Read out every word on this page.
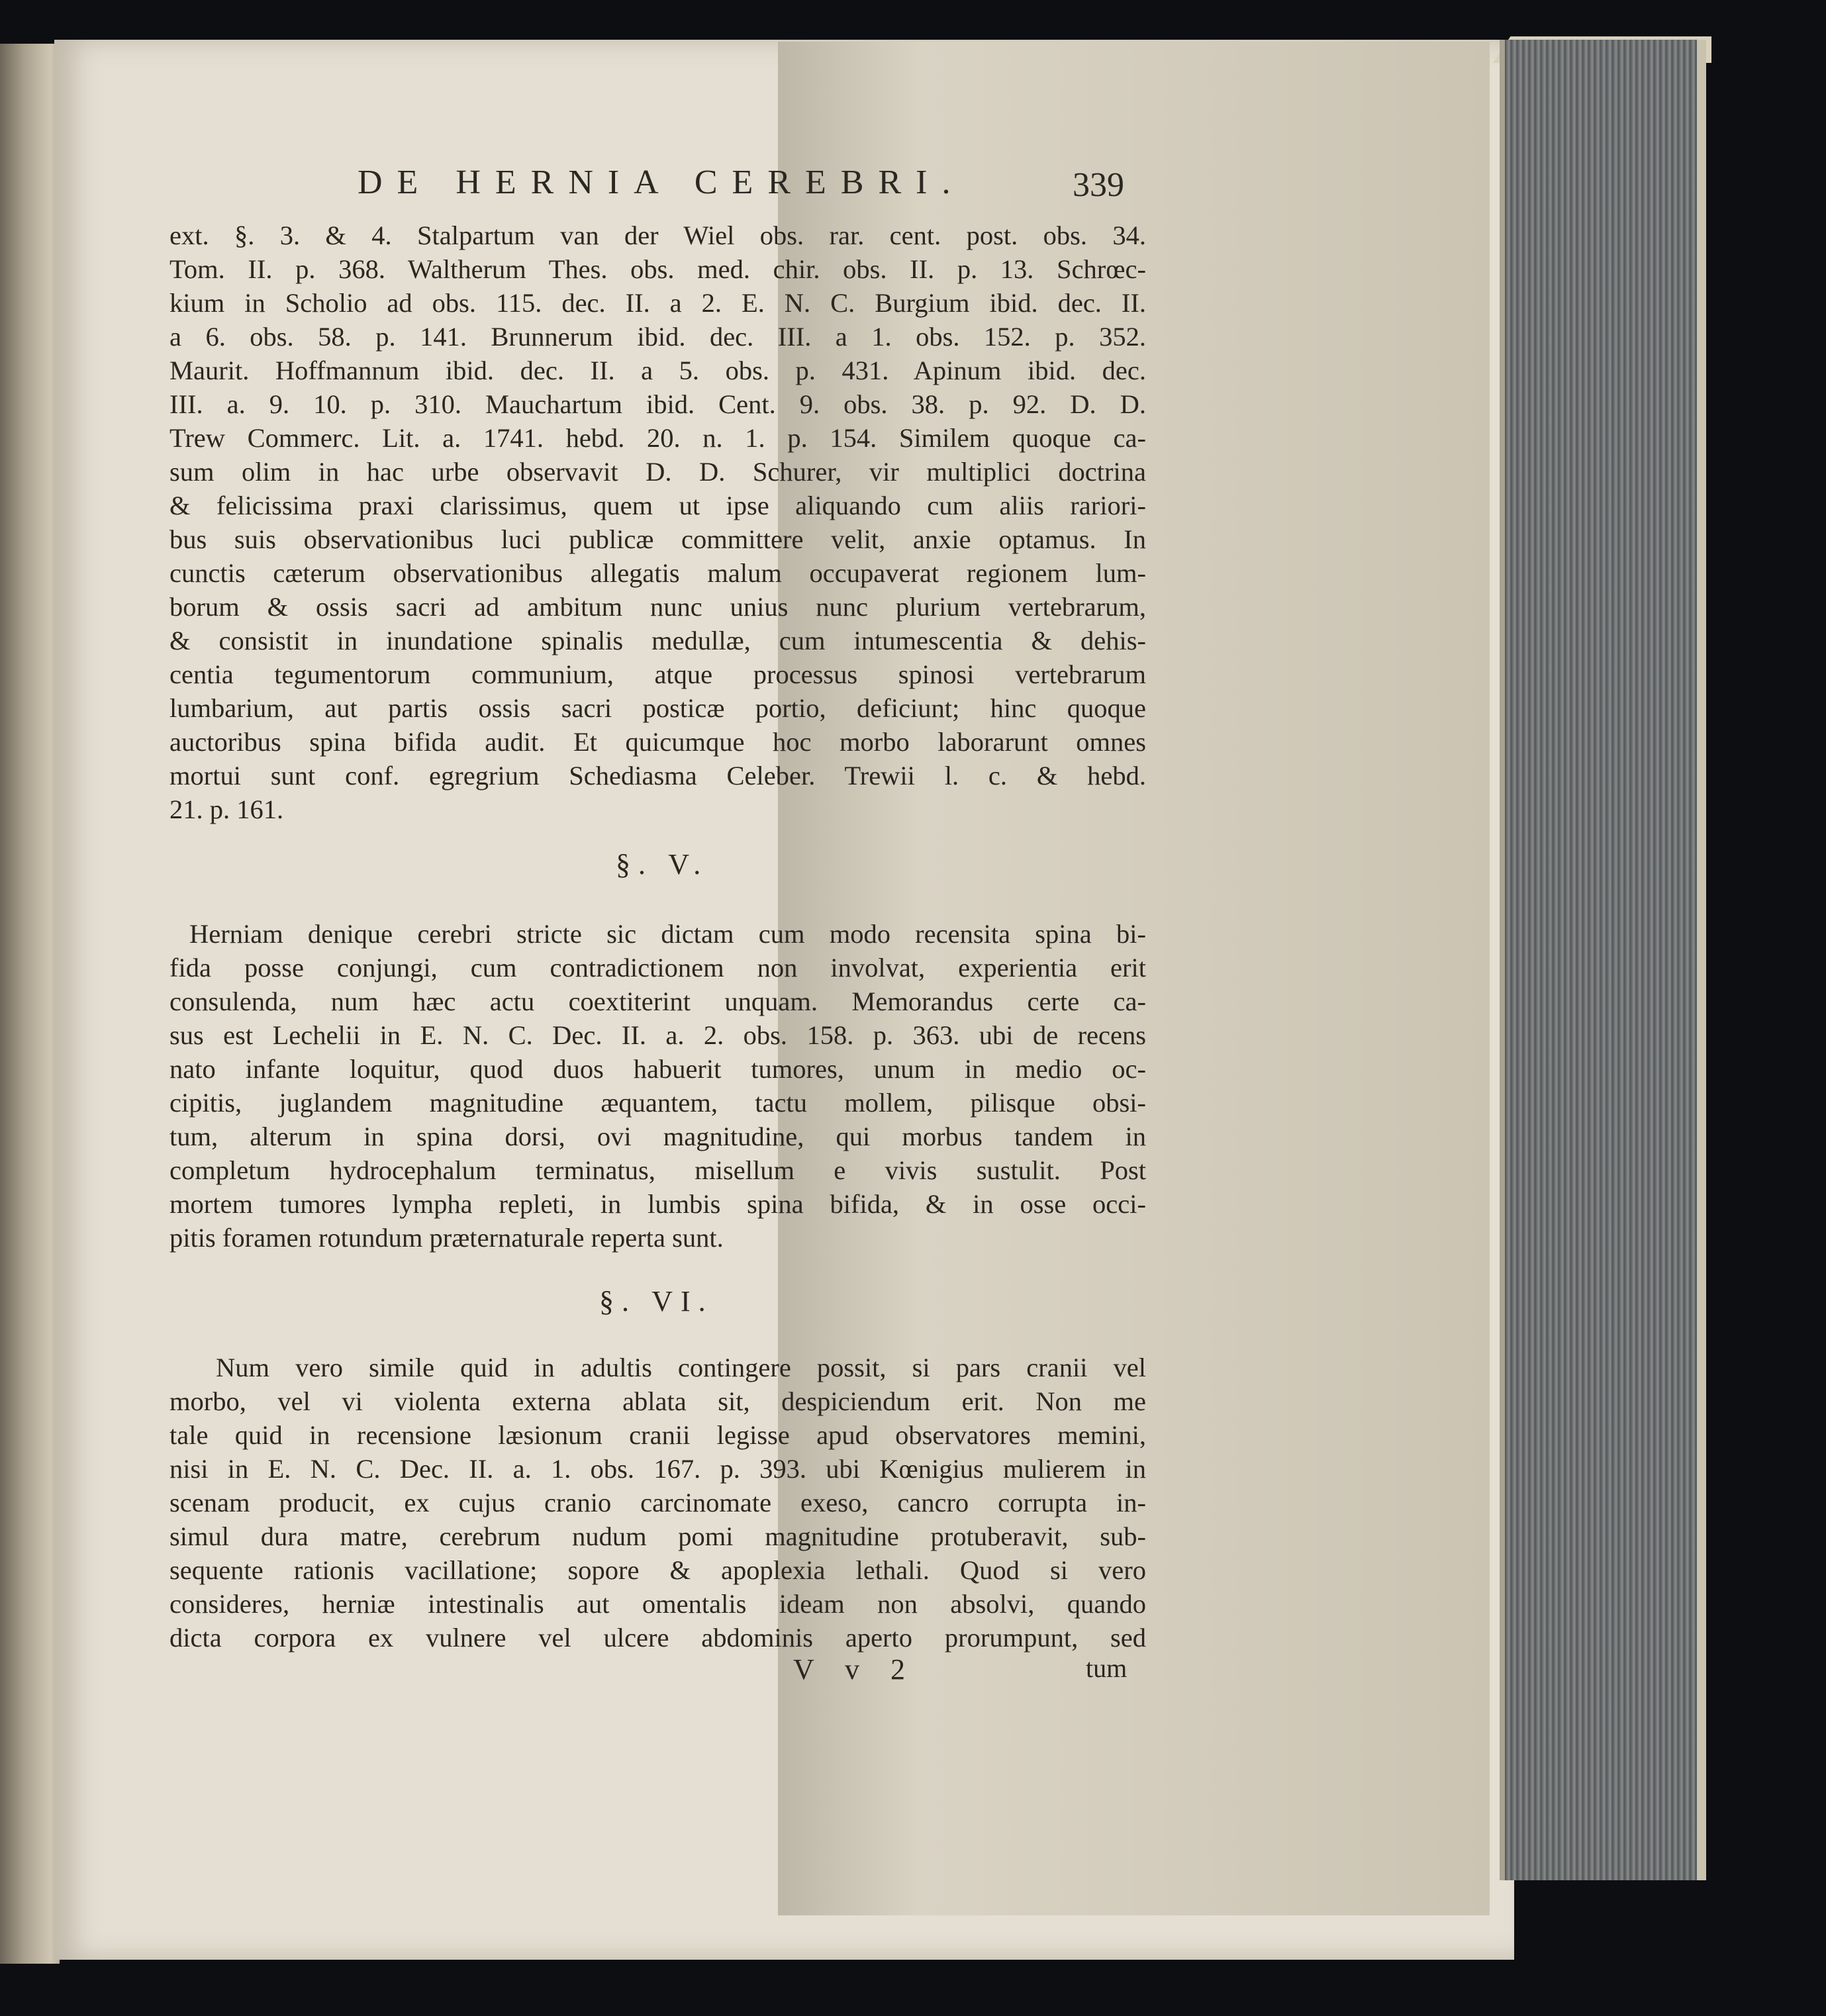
DE HERNIA CEREBRI.	339
ext. §. 3. & 4. Stalpartum van der Wiel obs. rar. cent. post. obs. 34.
Tom. II. p. 368. Waltherum Thes. obs. med. chir. obs. II. p. 13. Schrœc-
kium in Scholio ad obs. 115. dec. II. a 2. E. N. C. Burgium ibid. dec. II.
a 6. obs. 58. p. 141. Brunnerum ibid. dec. III. a 1. obs. 152. p. 352.
Maurit. Hoffmannum ibid. dec. II. a 5. obs. p. 431. Apinum ibid. dec.
III. a. 9. 10. p. 310. Mauchartum ibid. Cent. 9. obs. 38. p. 92. D. D.
Trew Commerc. Lit. a. 1741. hebd. 20. n. 1. p. 154. Similem quoque ca-
sum olim in hac urbe observavit D. D. Schurer, vir multiplici doctrina
& felicissima praxi clarissimus, quem ut ipse aliquando cum aliis rariori-
bus suis observationibus luci publicæ committere velit, anxie optamus. In
cunctis cæterum observationibus allegatis malum occupaverat regionem lum-
borum & ossis sacri ad ambitum nunc unius nunc plurium vertebrarum,
& consistit in inundatione spinalis medullæ, cum intumescentia & dehis-
centia tegumentorum communium, atque processus spinosi vertebrarum
lumbarium, aut partis ossis sacri posticæ portio, deficiunt; hinc quoque
auctoribus spina bifida audit. Et quicumque hoc morbo laborarunt omnes
mortui sunt conf. egregrium Schediasma Celeber. Trewii l. c. & hebd.
21. p. 161.
§. V.
Herniam denique cerebri stricte sic dictam cum modo recensita spina bi-
fida posse conjungi, cum contradictionem non involvat, experientia erit
consulenda, num hæc actu coextiterint unquam. Memorandus certe ca-
sus est Lechelii in E. N. C. Dec. II. a. 2. obs. 158. p. 363. ubi de recens
nato infante loquitur, quod duos habuerit tumores, unum in medio oc-
cipitis, juglandem magnitudine æquantem, tactu mollem, pilisque obsi-
tum, alterum in spina dorsi, ovi magnitudine, qui morbus tandem in
completum hydrocephalum terminatus, misellum e vivis sustulit. Post
mortem tumores lympha repleti, in lumbis spina bifida, & in osse occi-
pitis foramen rotundum præternaturale reperta sunt.
§. VI.
Num vero simile quid in adultis contingere possit, si pars cranii vel
morbo, vel vi violenta externa ablata sit, despiciendum erit. Non me
tale quid in recensione læsionum cranii legisse apud observatores memini,
nisi in E. N. C. Dec. II. a. 1. obs. 167. p. 393. ubi Kœnigius mulierem in
scenam producit, ex cujus cranio carcinomate exeso, cancro corrupta in-
simul dura matre, cerebrum nudum pomi magnitudine protuberavit, sub-
sequente rationis vacillatione; sopore & apoplexia lethali. Quod si vero
consideres, herniæ intestinalis aut omentalis ideam non absolvi, quando
dicta corpora ex vulnere vel ulcere abdominis aperto prorumpunt, sed
V v 2	tum
